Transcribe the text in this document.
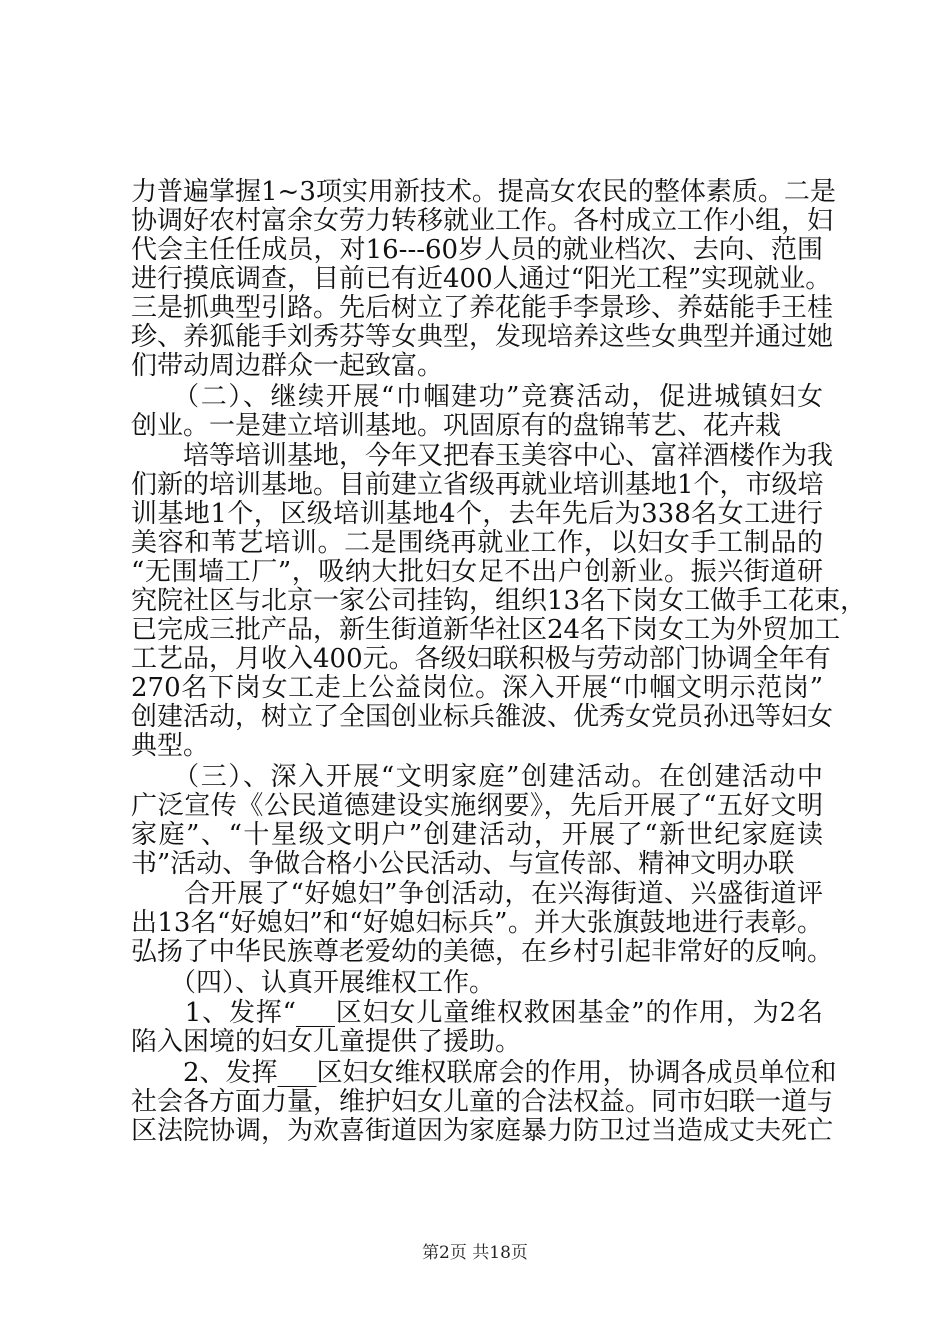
力普遍掌握1~3项实用新技术。提高女农民的整体素质。二是
协调好农村富余女劳力转移就业工作。各村成立工作小组，妇
代会主任任成员，对16---60岁人员的就业档次、去向、范围
进行摸底调查，目前已有近400人通过“阳光工程”实现就业。
三是抓典型引路。先后树立了养花能手李景珍、养菇能手王桂
珍、养狐能手刘秀芬等女典型，发现培养这些女典型并通过她
们带动周边群众一起致富。
　　（二）、继续开展“巾帼建功”竞赛活动，促进城镇妇女
创业。一是建立培训基地。巩固原有的盘锦苇艺、花卉栽
　　培等培训基地，今年又把春玉美容中心、富祥酒楼作为我
们新的培训基地。目前建立省级再就业培训基地1个，市级培
训基地1个，区级培训基地4个，去年先后为338名女工进行
美容和苇艺培训。二是围绕再就业工作，以妇女手工制品的
“无围墙工厂”，吸纳大批妇女足不出户创新业。振兴街道研
究院社区与北京一家公司挂钩，组织13名下岗女工做手工花束，
已完成三批产品，新生街道新华社区24名下岗女工为外贸加工
工艺品，月收入400元。各级妇联积极与劳动部门协调全年有
270名下岗女工走上公益岗位。深入开展“巾帼文明示范岗”
创建活动，树立了全国创业标兵雒波、优秀女党员孙迅等妇女
典型。
　　（三）、深入开展“文明家庭”创建活动。在创建活动中
广泛宣传《公民道德建设实施纲要》，先后开展了“五好文明
家庭”、“十星级文明户”创建活动，开展了“新世纪家庭读
书”活动、争做合格小公民活动、与宣传部、精神文明办联
　　合开展了“好媳妇”争创活动，在兴海街道、兴盛街道评
出13名“好媳妇”和“好媳妇标兵”。并大张旗鼓地进行表彰。
弘扬了中华民族尊老爱幼的美德，在乡村引起非常好的反响。
　　（四）、认真开展维权工作。
　　1、发挥“___区妇女儿童维权救困基金”的作用，为2名
陷入困境的妇女儿童提供了援助。
　　2、发挥___区妇女维权联席会的作用，协调各成员单位和
社会各方面力量，维护妇女儿童的合法权益。同市妇联一道与
区法院协调，为欢喜街道因为家庭暴力防卫过当造成丈夫死亡
第2页 共18页
